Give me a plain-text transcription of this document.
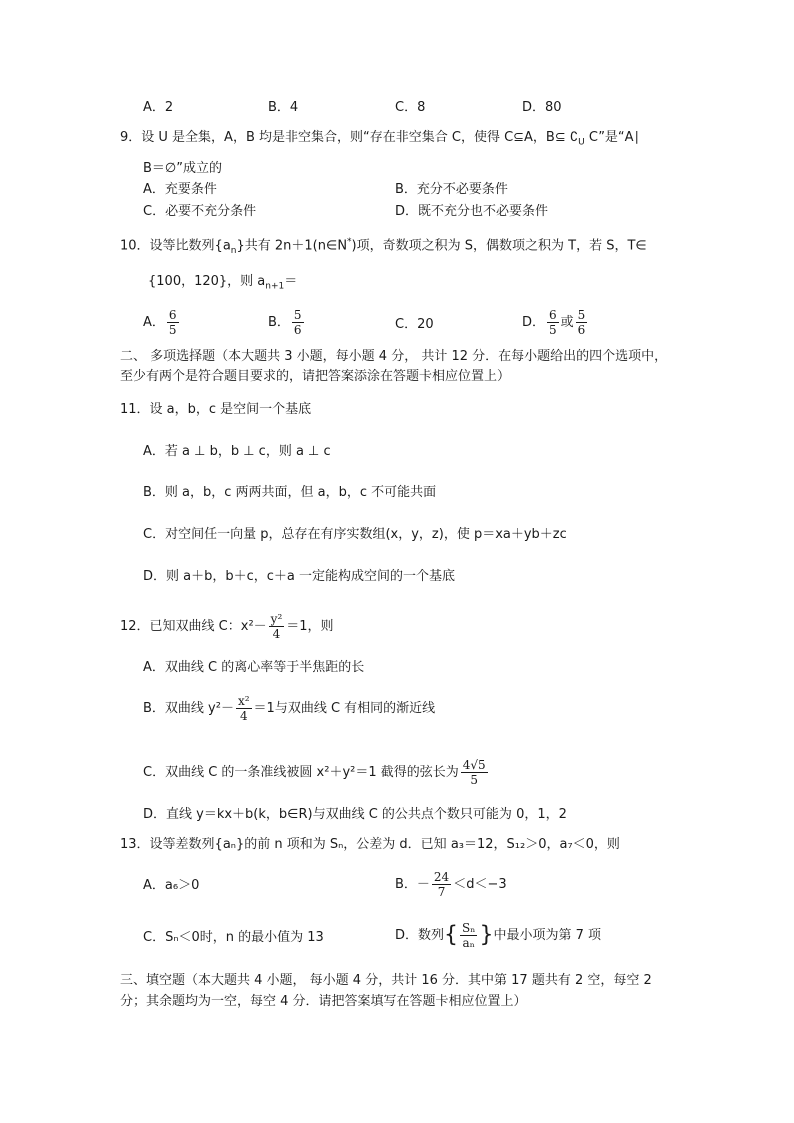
A．2	B．4	C．8	D．80
9．设 U 是全集，A，B 均是非空集合，则“存在非空集合 C，使得 C⊆A，B⊆ $∁_U$ C”是“A∣
B＝∅”成立的
A．充要条件	B．充分不必要条件
C．必要不充分条件	D．既不充分也不必要条件
10．设等比数列$\{a_n\}$共有 2n＋1(n∈N*)项，奇数项之积为 S，偶数项之积为 T，若 S，T∈
{100，120}，则 $a_{n+1}=$
A． $\frac{6}{5}$	B． $\frac{5}{6}$	C．20	D． $\frac{6}{5}$ 或 $\frac{5}{6}$
二、 多项选择题（本大题共 3 小题，每小题 4 分， 共计 12 分．在每小题给出的四个选项中，
至少有两个是符合题目要求的，请把答案添涂在答题卡相应位置上）
11．设 a，b，c 是空间一个基底
A．若 a ⊥ b，b ⊥ c，则 a ⊥ c
B．则 a，b，c 两两共面，但 a，b，c 不可能共面
C．对空间任一向量 p，总存在有序实数组(x，y，z)，使 p＝xa＋yb＋zc
D．则 a＋b，b＋c，c＋a 一定能构成空间的一个基底
12．已知双曲线 C：$x^2- \frac{\text{y²}}{4} =1$，则
A．双曲线 C 的离心率等于半焦距的长
B．双曲线 $y^2- \frac{\text{x²}}{4} =1$与双曲线 C 有相同的渐近线
C．双曲线 C 的一条准线被圆 x²＋y²＝1 截得的弦长为 $\frac{4√5}{5}$
D．直线 y＝kx＋b(k，b∈R)与双曲线 C 的公共点个数只可能为 0，1，2
13．设等差数列{aₙ}的前 n 项和为 Sₙ，公差为 d．已知 a₃＝12，S₁₂＞0，a₇＜0，则
A．a₆＞0	B．－ $\frac{24}{7} <d<-3$
C．Sₙ＜0时，n 的最小值为 13	D．数列{ $\frac{\text{Sₙ}}{\text{aₙ}}$ }中最小项为第 7 项
三、填空题（本大题共 4 小题， 每小题 4 分，共计 16 分．其中第 17 题共有 2 空，每空 2
分；其余题均为一空，每空 4 分．请把答案填写在答题卡相应位置上）
